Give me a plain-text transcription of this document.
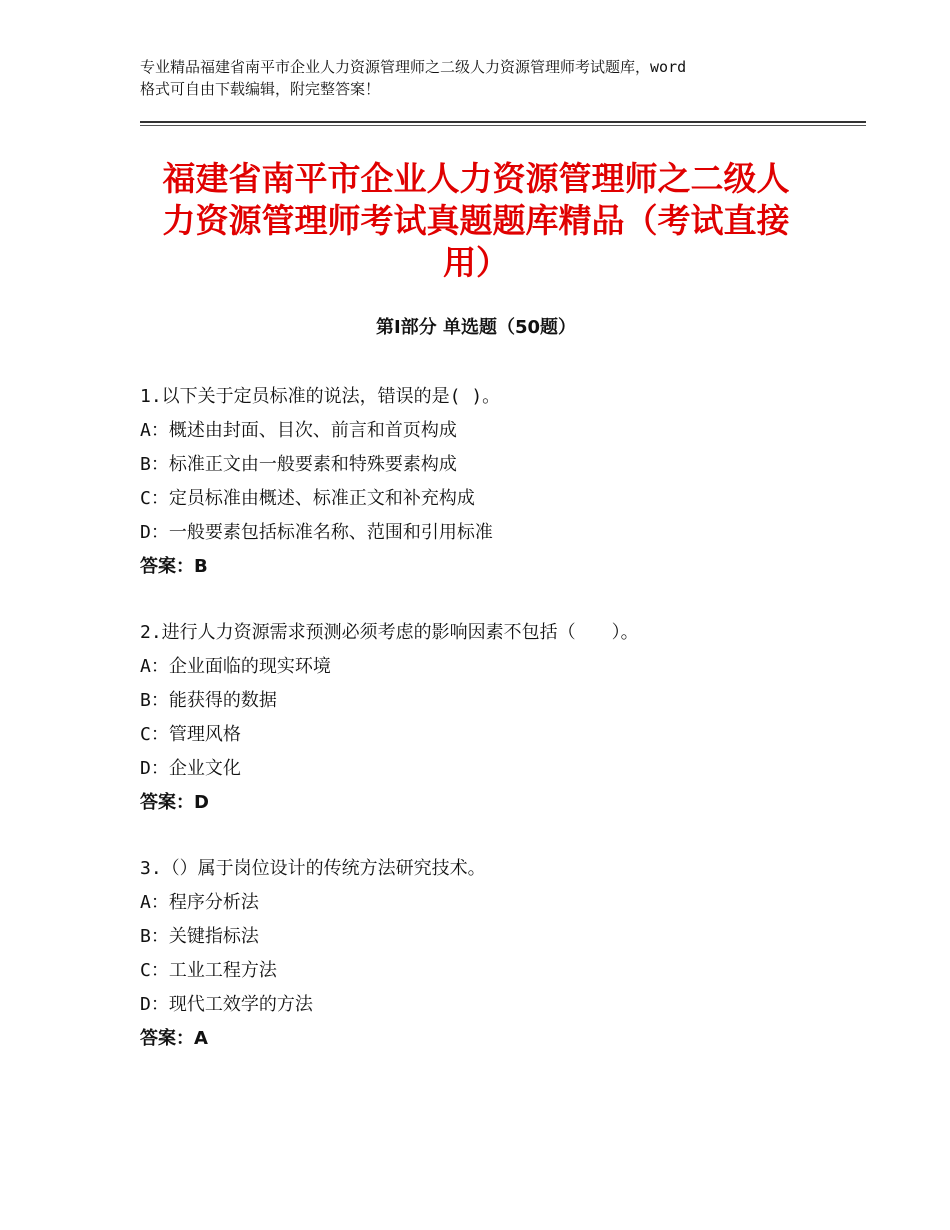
专业精品福建省南平市企业人力资源管理师之二级人力资源管理师考试题库，word
格式可自由下载编辑，附完整答案！
福建省南平市企业人力资源管理师之二级人
力资源管理师考试真题题库精品（考试直接
用）
第Ⅰ部分 单选题（50题）
1.以下关于定员标准的说法，错误的是( )。
A：概述由封面、目次、前言和首页构成
B：标准正文由一般要素和特殊要素构成
C：定员标准由概述、标准正文和补充构成
D：一般要素包括标准名称、范围和引用标准
答案：B
2.进行人力资源需求预测必须考虑的影响因素不包括（　　）。
A：企业面临的现实环境
B：能获得的数据
C：管理风格
D：企业文化
答案：D
3.（）属于岗位设计的传统方法研究技术。
A：程序分析法
B：关键指标法
C：工业工程方法
D：现代工效学的方法
答案：A
